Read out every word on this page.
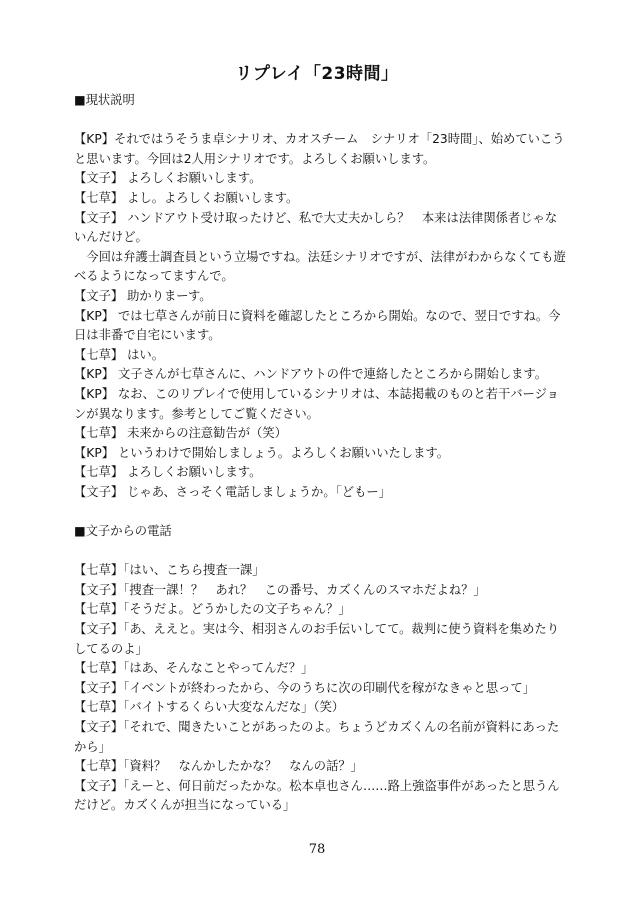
リプレイ「23時間」

■現状説明

【KP】それではうそうま卓シナリオ、カオスチーム　シナリオ「23時間」、始めていこうと思います。今回は2人用シナリオです。よろしくお願いします。

【文子】 よろしくお願いします。

【七草】 よし。よろしくお願いします。

【文子】 ハンドアウト受け取ったけど、私で大丈夫かしら？　本来は法律関係者じゃないんだけど。

　今回は弁護士調査員という立場ですね。法廷シナリオですが、法律がわからなくても遊べるようになってますんで。

【文子】 助かりまーす。

【KP】 では七草さんが前日に資料を確認したところから開始。なので、翌日ですね。今日は非番で自宅にいます。

【七草】 はい。

【KP】 文子さんが七草さんに、ハンドアウトの件で連絡したところから開始します。

【KP】 なお、このリプレイで使用しているシナリオは、本誌掲載のものと若干バージョンが異なります。参考としてご覧ください。

【七草】 未来からの注意勧告が（笑）

【KP】 というわけで開始しましょう。よろしくお願いいたします。

【七草】 よろしくお願いします。

【文子】 じゃあ、さっそく電話しましょうか。「どもー」

■文子からの電話

【七草】「はい、こちら捜査一課」

【文子】「捜査一課！？　あれ？　この番号、カズくんのスマホだよね？」

【七草】「そうだよ。どうかしたの文子ちゃん？」

【文子】「あ、ええと。実は今、相羽さんのお手伝いしてて。裁判に使う資料を集めたりしてるのよ」

【七草】「はあ、そんなことやってんだ？」

【文子】「イベントが終わったから、今のうちに次の印刷代を稼がなきゃと思って」

【七草】「バイトするくらい大変なんだな」（笑）

【文子】「それで、聞きたいことがあったのよ。ちょうどカズくんの名前が資料にあったから」

【七草】「資料？　なんかしたかな？　なんの話？」

【文子】「えーと、何日前だったかな。松本卓也さん……路上強盗事件があったと思うんだけど。カズくんが担当になっている」

78
